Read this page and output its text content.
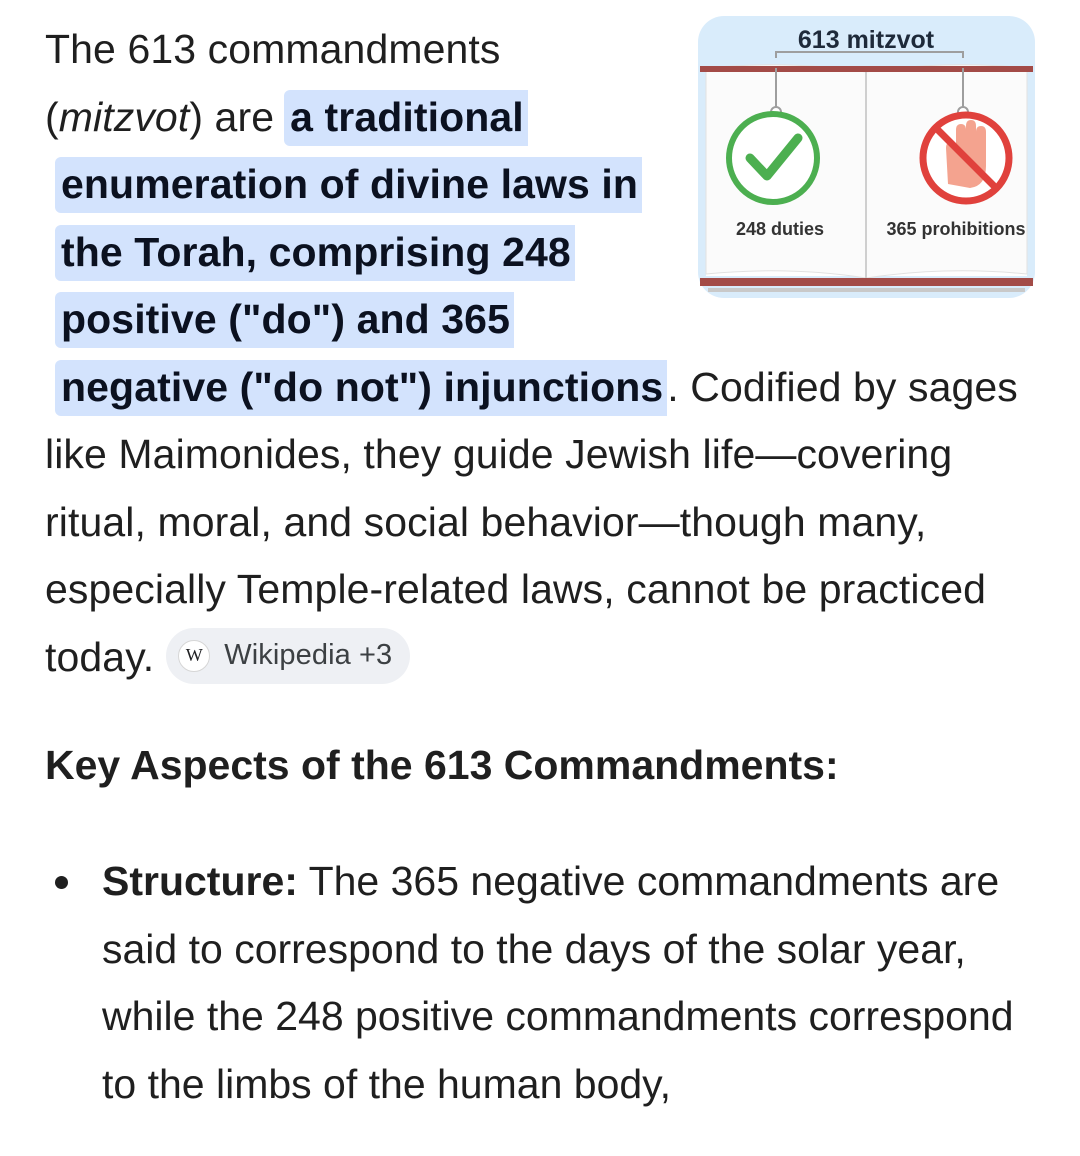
613 mitzvot
248 duties	365 prohibitions

The 613 commandments (mitzvot) are a traditional enumeration of divine laws in the Torah, comprising 248 positive ("do") and 365 negative ("do not") injunctions. Codified by sages like Maimonides, they guide Jewish life—covering ritual, moral, and social behavior—though many, especially Temple-related laws, cannot be practiced today.	W Wikipedia +3

Key Aspects of the 613 Commandments:
Structure: The 365 negative commandments are said to correspond to the days of the solar year, while the 248 positive commandments correspond to the limbs of the human body,
